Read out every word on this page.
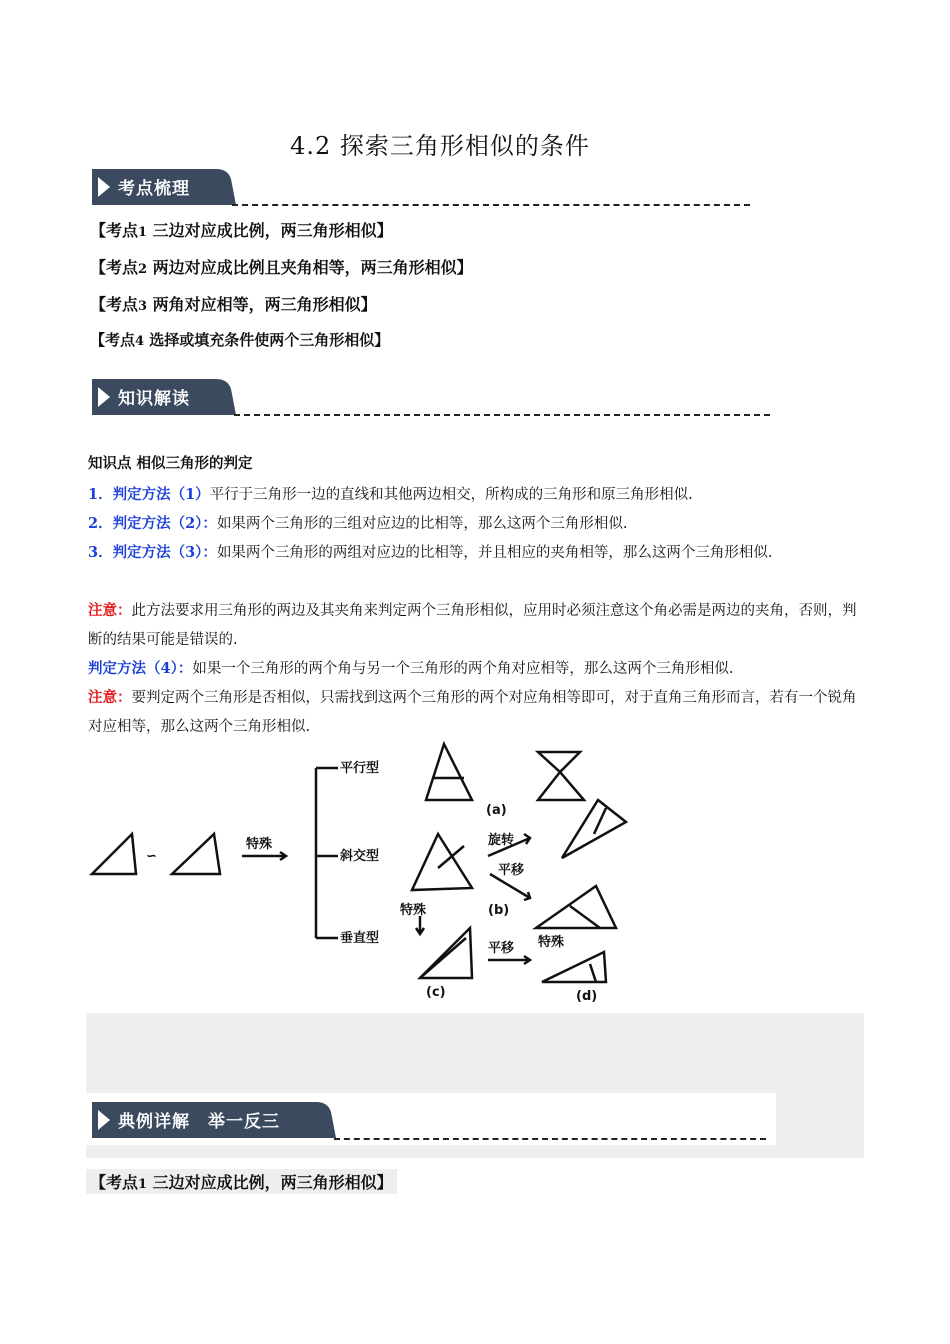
4.2 探索三角形相似的条件
考点梳理
【考点1 三边对应成比例，两三角形相似】
【考点2 两边对应成比例且夹角相等，两三角形相似】
【考点3 两角对应相等，两三角形相似】
【考点4 选择或填充条件使两个三角形相似】
知识解读
知识点 相似三角形的判定
1．判定方法（1）平行于三角形一边的直线和其他两边相交，所构成的三角形和原三角形相似.
2．判定方法（2）：如果两个三角形的三组对应边的比相等，那么这两个三角形相似.
3．判定方法（3）：如果两个三角形的两组对应边的比相等，并且相应的夹角相等，那么这两个三角形相似.
注意：此方法要求用三角形的两边及其夹角来判定两个三角形相似，应用时必须注意这个角必需是两边的夹角，否则，判断的结果可能是错误的.
判定方法（4）：如果一个三角形的两个角与另一个三角形的两个角对应相等，那么这两个三角形相似.
注意：要判定两个三角形是否相似，只需找到这两个三角形的两个对应角相等即可，对于直角三角形而言，若有一个锐角对应相等，那么这两个三角形相似.
∽
特殊
平行型
斜交型
垂直型
旋转
平移
特殊
平移 特殊
(a)
(b)
(c)	(d)
典例详解　举一反三
【考点1 三边对应成比例，两三角形相似】
